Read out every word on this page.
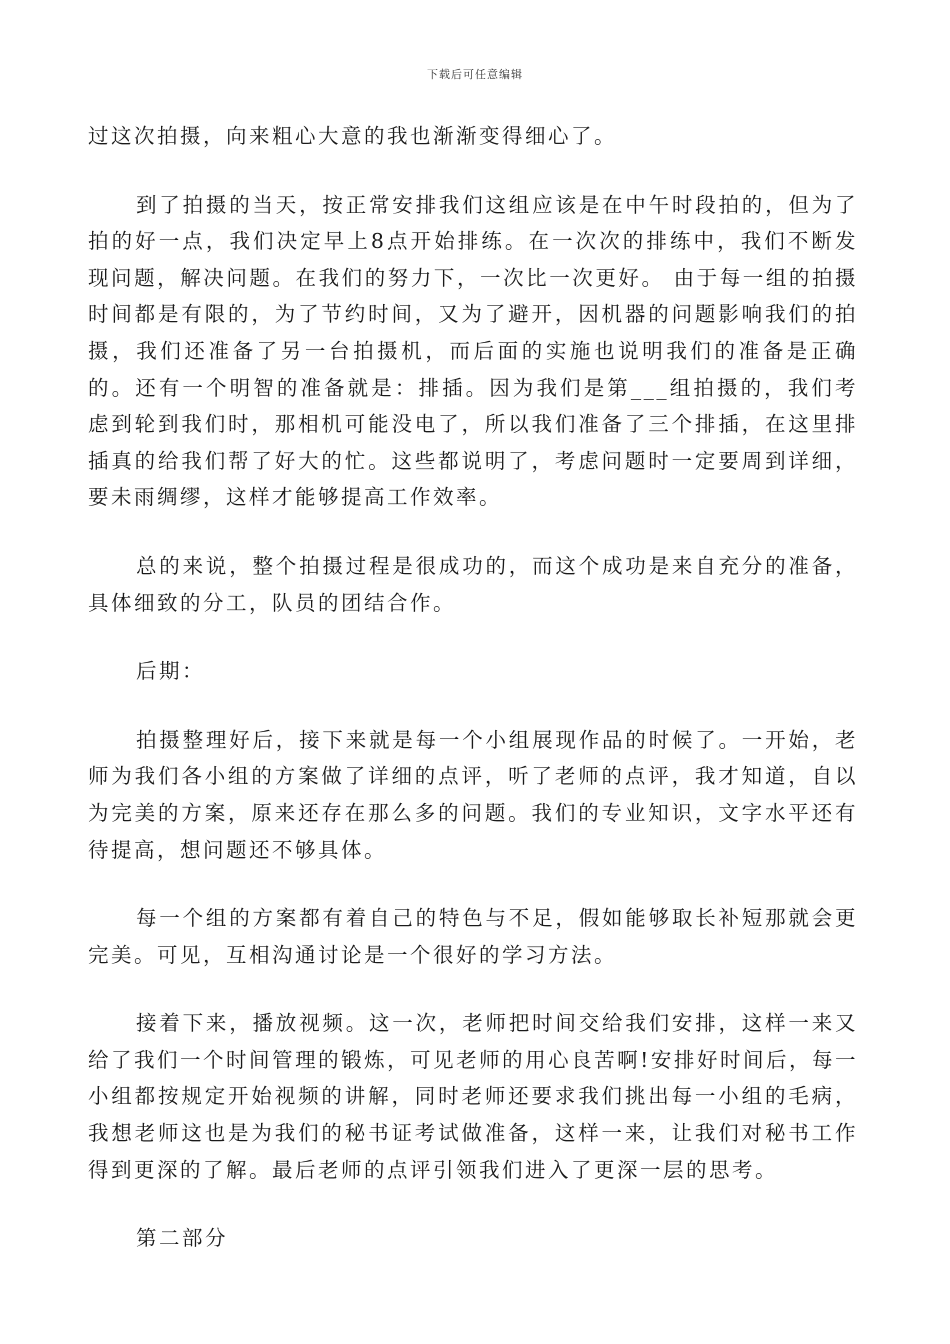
下载后可任意编辑

过这次拍摄，向来粗心大意的我也渐渐变得细心了。

到了拍摄的当天，按正常安排我们这组应该是在中午时段拍的，但为了拍的好一点，我们决定早上8点开始排练。在一次次的排练中，我们不断发现问题，解决问题。在我们的努力下，一次比一次更好。 由于每一组的拍摄时间都是有限的，为了节约时间，又为了避开，因机器的问题影响我们的拍摄，我们还准备了另一台拍摄机，而后面的实施也说明我们的准备是正确的。还有一个明智的准备就是：排插。因为我们是第___组拍摄的，我们考虑到轮到我们时，那相机可能没电了，所以我们准备了三个排插，在这里排插真的给我们帮了好大的忙。这些都说明了，考虑问题时一定要周到详细，要未雨绸缪，这样才能够提高工作效率。

总的来说，整个拍摄过程是很成功的，而这个成功是来自充分的准备，具体细致的分工，队员的团结合作。

后期：

拍摄整理好后，接下来就是每一个小组展现作品的时候了。一开始，老师为我们各小组的方案做了详细的点评，听了老师的点评，我才知道，自以为完美的方案，原来还存在那么多的问题。我们的专业知识，文字水平还有待提高，想问题还不够具体。

每一个组的方案都有着自己的特色与不足，假如能够取长补短那就会更完美。可见，互相沟通讨论是一个很好的学习方法。

接着下来，播放视频。这一次，老师把时间交给我们安排，这样一来又给了我们一个时间管理的锻炼，可见老师的用心良苦啊!安排好时间后，每一小组都按规定开始视频的讲解，同时老师还要求我们挑出每一小组的毛病，我想老师这也是为我们的秘书证考试做准备，这样一来，让我们对秘书工作得到更深的了解。最后老师的点评引领我们进入了更深一层的思考。

第二部分
